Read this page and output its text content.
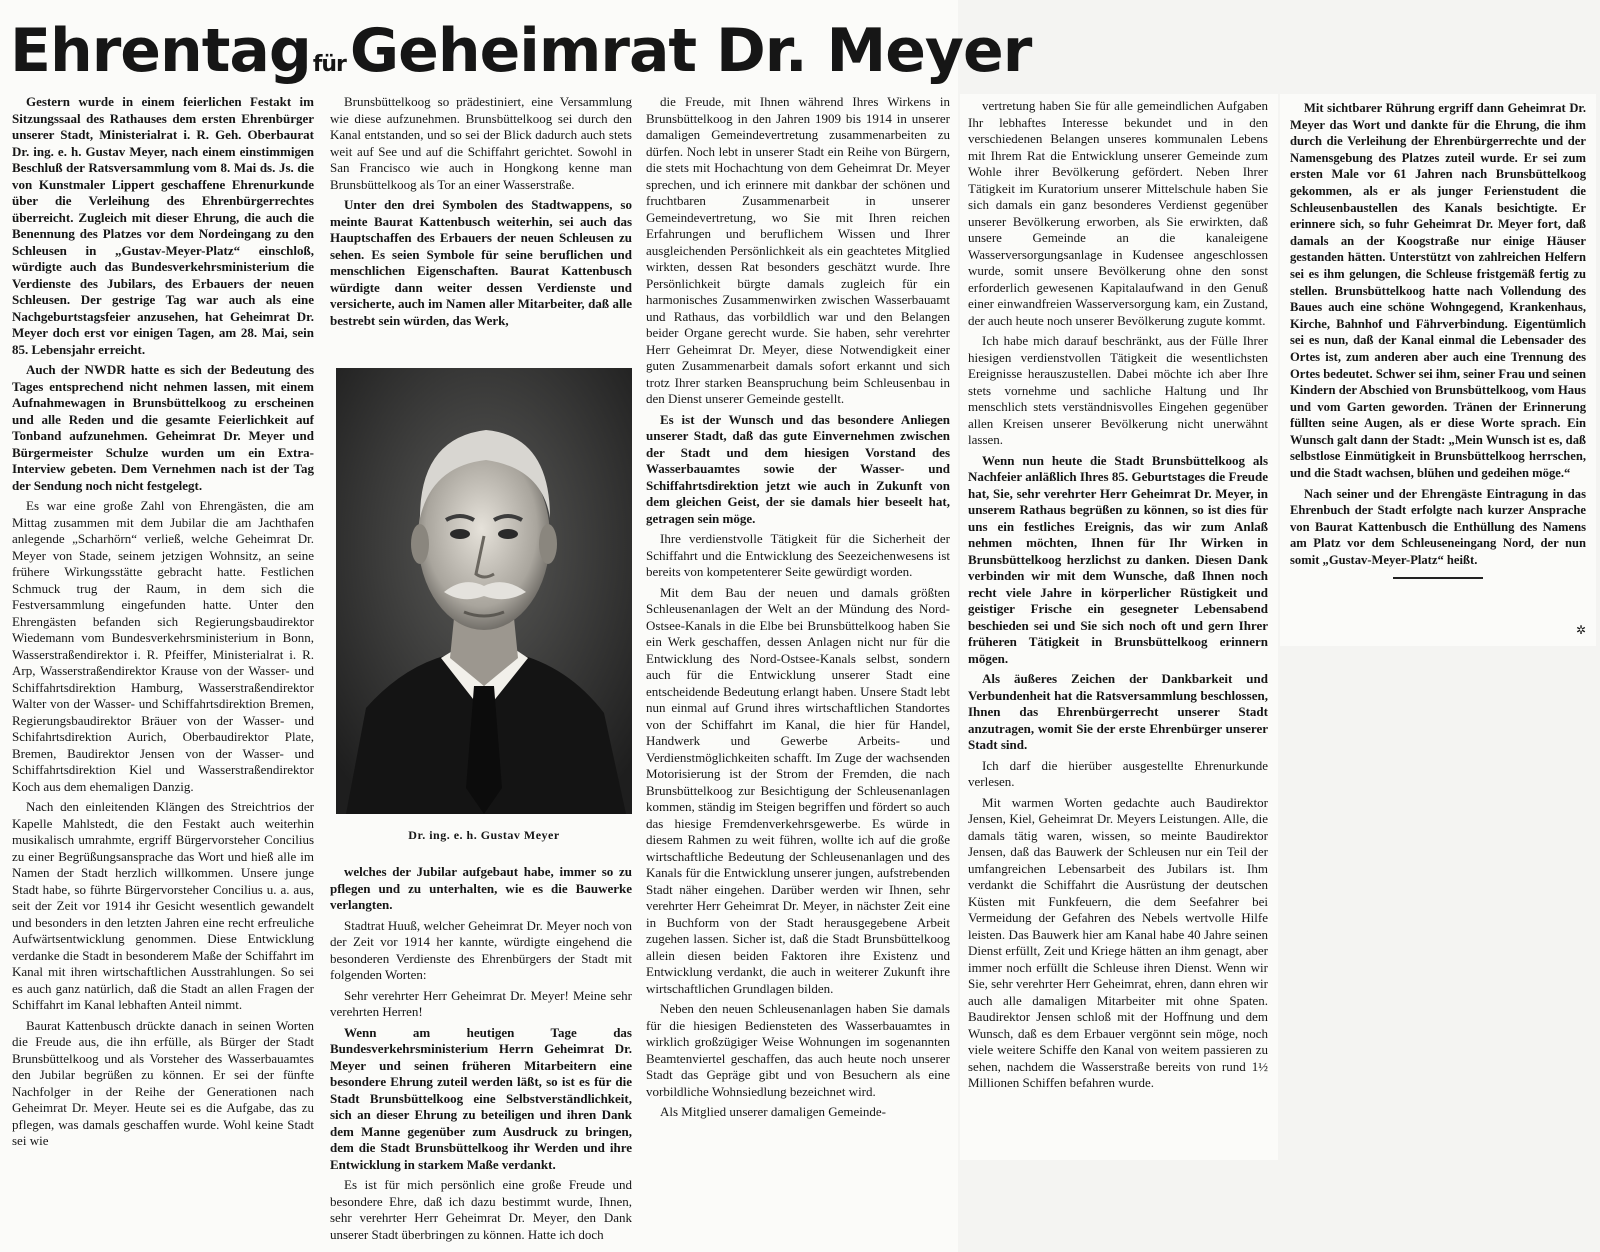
EhrentagfürGeheimrat Dr. Meyer

Gestern wurde in einem feierlichen Festakt im Sitzungssaal des Rathauses dem ersten Ehrenbürger unserer Stadt, Ministerialrat i. R. Geh. Oberbaurat Dr. ing. e. h. Gustav Meyer, nach einem einstimmigen Beschluß der Ratsversammlung vom 8. Mai ds. Js. die von Kunstmaler Lippert geschaffene Ehrenurkunde über die Verleihung des Ehrenbürgerrechtes überreicht. Zugleich mit dieser Ehrung, die auch die Benennung des Platzes vor dem Nordeingang zu den Schleusen in „Gustav-Meyer-Platz“ einschloß, würdigte auch das Bundesverkehrsministerium die Verdienste des Jubilars, des Erbauers der neuen Schleusen. Der gestrige Tag war auch als eine Nachgeburtstagsfeier anzusehen, hat Geheimrat Dr. Meyer doch erst vor einigen Tagen, am 28. Mai, sein 85. Lebensjahr erreicht.

Auch der NWDR hatte es sich der Bedeutung des Tages entsprechend nicht nehmen lassen, mit einem Aufnahmewagen in Brunsbüttelkoog zu erscheinen und alle Reden und die gesamte Feierlichkeit auf Tonband aufzunehmen. Geheimrat Dr. Meyer und Bürgermeister Schulze wurden um ein Extra-Interview gebeten. Dem Vernehmen nach ist der Tag der Sendung noch nicht festgelegt.

Es war eine große Zahl von Ehrengästen, die am Mittag zusammen mit dem Jubilar die am Jachthafen anlegende „Scharhörn“ verließ, welche Geheimrat Dr. Meyer von Stade, seinem jetzigen Wohnsitz, an seine frühere Wirkungsstätte gebracht hatte. Festlichen Schmuck trug der Raum, in dem sich die Festversammlung eingefunden hatte. Unter den Ehrengästen befanden sich Regierungsbaudirektor Wiedemann vom Bundesverkehrsministerium in Bonn, Wasserstraßendirektor i. R. Pfeiffer, Ministerialrat i. R. Arp, Wasserstraßendirektor Krause von der Wasser- und Schiffahrtsdirektion Hamburg, Wasserstraßendirektor Walter von der Wasser- und Schiffahrtsdirektion Bremen, Regierungsbaudirektor Bräuer von der Wasser- und Schifahrtsdirektion Aurich, Oberbaudirektor Plate, Bremen, Baudirektor Jensen von der Wasser- und Schiffahrtsdirektion Kiel und Wasserstraßendirektor Koch aus dem ehemaligen Danzig.

Nach den einleitenden Klängen des Streichtrios der Kapelle Mahlstedt, die den Festakt auch weiterhin musikalisch umrahmte, ergriff Bürgervorsteher Concilius zu einer Begrüßungsansprache das Wort und hieß alle im Namen der Stadt herzlich willkommen. Unsere junge Stadt habe, so führte Bürgervorsteher Concilius u. a. aus, seit der Zeit vor 1914 ihr Gesicht wesentlich gewandelt und besonders in den letzten Jahren eine recht erfreuliche Aufwärtsentwicklung genommen. Diese Entwicklung verdanke die Stadt in besonderem Maße der Schiffahrt im Kanal mit ihren wirtschaftlichen Ausstrahlungen. So sei es auch ganz natürlich, daß die Stadt an allen Fragen der Schiffahrt im Kanal lebhaften Anteil nimmt.

Baurat Kattenbusch drückte danach in seinen Worten die Freude aus, die ihn erfülle, als Bürger der Stadt Brunsbüttelkoog und als Vorsteher des Wasserbauamtes den Jubilar begrüßen zu können. Er sei der fünfte Nachfolger in der Reihe der Generationen nach Geheimrat Dr. Meyer. Heute sei es die Aufgabe, das zu pflegen, was damals geschaffen wurde. Wohl keine Stadt sei wie

Brunsbüttelkoog so prädestiniert, eine Versammlung wie diese aufzunehmen. Brunsbüttelkoog sei durch den Kanal entstanden, und so sei der Blick dadurch auch stets weit auf See und auf die Schiffahrt gerichtet. Sowohl in San Francisco wie auch in Hongkong kenne man Brunsbüttelkoog als Tor an einer Wasserstraße.

Unter den drei Symbolen des Stadtwappens, so meinte Baurat Kattenbusch weiterhin, sei auch das Hauptschaffen des Erbauers der neuen Schleusen zu sehen. Es seien Symbole für seine beruflichen und menschlichen Eigenschaften. Baurat Kattenbusch würdigte dann weiter dessen Verdienste und versicherte, auch im Namen aller Mitarbeiter, daß alle bestrebt sein würden, das Werk,

welches der Jubilar aufgebaut habe, immer so zu pflegen und zu unterhalten, wie es die Bauwerke verlangten.

Stadtrat Huuß, welcher Geheimrat Dr. Meyer noch von der Zeit vor 1914 her kannte, würdigte eingehend die besonderen Verdienste des Ehrenbürgers der Stadt mit folgenden Worten:

Sehr verehrter Herr Geheimrat Dr. Meyer! Meine sehr verehrten Herren!

Wenn am heutigen Tage das Bundesverkehrsministerium Herrn Geheimrat Dr. Meyer und seinen früheren Mitarbeitern eine besondere Ehrung zuteil werden läßt, so ist es für die Stadt Brunsbüttelkoog eine Selbstverständlichkeit, sich an dieser Ehrung zu beteiligen und ihren Dank dem Manne gegenüber zum Ausdruck zu bringen, dem die Stadt Brunsbüttelkoog ihr Werden und ihre Entwicklung in starkem Maße verdankt.

Es ist für mich persönlich eine große Freude und besondere Ehre, daß ich dazu bestimmt wurde, Ihnen, sehr verehrter Herr Geheimrat Dr. Meyer, den Dank unserer Stadt überbringen zu können. Hatte ich doch

Dr. ing. e. h. Gustav Meyer

die Freude, mit Ihnen während Ihres Wirkens in Brunsbüttelkoog in den Jahren 1909 bis 1914 in unserer damaligen Gemeindevertretung zusammenarbeiten zu dürfen. Noch lebt in unserer Stadt ein Reihe von Bürgern, die stets mit Hochachtung von dem Geheimrat Dr. Meyer sprechen, und ich erinnere mit dankbar der schönen und fruchtbaren Zusammenarbeit in unserer Gemeindevertretung, wo Sie mit Ihren reichen Erfahrungen und beruflichem Wissen und Ihrer ausgleichenden Persönlichkeit als ein geachtetes Mitglied wirkten, dessen Rat besonders geschätzt wurde. Ihre Persönlichkeit bürgte damals zugleich für ein harmonisches Zusammenwirken zwischen Wasserbauamt und Rathaus, das vorbildlich war und den Belangen beider Organe gerecht wurde. Sie haben, sehr verehrter Herr Geheimrat Dr. Meyer, diese Notwendigkeit einer guten Zusammenarbeit damals sofort erkannt und sich trotz Ihrer starken Beanspruchung beim Schleusenbau in den Dienst unserer Gemeinde gestellt.

Es ist der Wunsch und das besondere Anliegen unserer Stadt, daß das gute Einvernehmen zwischen der Stadt und dem hiesigen Vorstand des Wasserbauamtes sowie der Wasser- und Schiffahrtsdirektion jetzt wie auch in Zukunft von dem gleichen Geist, der sie damals hier beseelt hat, getragen sein möge.

Ihre verdienstvolle Tätigkeit für die Sicherheit der Schiffahrt und die Entwicklung des Seezeichenwesens ist bereits von kompetenterer Seite gewürdigt worden.

Mit dem Bau der neuen und damals größten Schleusenanlagen der Welt an der Mündung des Nord-Ostsee-Kanals in die Elbe bei Brunsbüttelkoog haben Sie ein Werk geschaffen, dessen Anlagen nicht nur für die Entwicklung des Nord-Ostsee-Kanals selbst, sondern auch für die Entwicklung unserer Stadt eine entscheidende Bedeutung erlangt haben. Unsere Stadt lebt nun einmal auf Grund ihres wirtschaftlichen Standortes von der Schiffahrt im Kanal, die hier für Handel, Handwerk und Gewerbe Arbeits- und Verdienstmöglichkeiten schafft. Im Zuge der wachsenden Motorisierung ist der Strom der Fremden, die nach Brunsbüttelkoog zur Besichtigung der Schleusenanlagen kommen, ständig im Steigen begriffen und fördert so auch das hiesige Fremdenverkehrsgewerbe. Es würde in diesem Rahmen zu weit führen, wollte ich auf die große wirtschaftliche Bedeutung der Schleusenanlagen und des Kanals für die Entwicklung unserer jungen, aufstrebenden Stadt näher eingehen. Darüber werden wir Ihnen, sehr verehrter Herr Geheimrat Dr. Meyer, in nächster Zeit eine in Buchform von der Stadt herausgegebene Arbeit zugehen lassen. Sicher ist, daß die Stadt Brunsbüttelkoog allein diesen beiden Faktoren ihre Existenz und Entwicklung verdankt, die auch in weiterer Zukunft ihre wirtschaftlichen Grundlagen bilden.

Neben den neuen Schleusenanlagen haben Sie damals für die hiesigen Bediensteten des Wasserbauamtes in wirklich großzügiger Weise Wohnungen im sogenannten Beamtenviertel geschaffen, das auch heute noch unserer Stadt das Gepräge gibt und von Besuchern als eine vorbildliche Wohnsiedlung bezeichnet wird.

Als Mitglied unserer damaligen Gemeinde-

vertretung haben Sie für alle gemeindlichen Aufgaben Ihr lebhaftes Interesse bekundet und in den verschiedenen Belangen unseres kommunalen Lebens mit Ihrem Rat die Entwicklung unserer Gemeinde zum Wohle ihrer Bevölkerung gefördert. Neben Ihrer Tätigkeit im Kuratorium unserer Mittelschule haben Sie sich damals ein ganz besonderes Verdienst gegenüber unserer Bevölkerung erworben, als Sie erwirkten, daß unsere Gemeinde an die kanaleigene Wasserversorgungsanlage in Kudensee angeschlossen wurde, somit unsere Bevölkerung ohne den sonst erforderlich gewesenen Kapitalaufwand in den Genuß einer einwandfreien Wasserversorgung kam, ein Zustand, der auch heute noch unserer Bevölkerung zugute kommt.

Ich habe mich darauf beschränkt, aus der Fülle Ihrer hiesigen verdienstvollen Tätigkeit die wesentlichsten Ereignisse herauszustellen. Dabei möchte ich aber Ihre stets vornehme und sachliche Haltung und Ihr menschlich stets verständnisvolles Eingehen gegenüber allen Kreisen unserer Bevölkerung nicht unerwähnt lassen.

Wenn nun heute die Stadt Brunsbüttelkoog als Nachfeier anläßlich Ihres 85. Geburtstages die Freude hat, Sie, sehr verehrter Herr Geheimrat Dr. Meyer, in unserem Rathaus begrüßen zu können, so ist dies für uns ein festliches Ereignis, das wir zum Anlaß nehmen möchten, Ihnen für Ihr Wirken in Brunsbüttelkoog herzlichst zu danken. Diesen Dank verbinden wir mit dem Wunsche, daß Ihnen noch recht viele Jahre in körperlicher Rüstigkeit und geistiger Frische ein gesegneter Lebensabend beschieden sei und Sie sich noch oft und gern Ihrer früheren Tätigkeit in Brunsbüttelkoog erinnern mögen.

Als äußeres Zeichen der Dankbarkeit und Verbundenheit hat die Ratsversammlung beschlossen, Ihnen das Ehrenbürgerrecht unserer Stadt anzutragen, womit Sie der erste Ehrenbürger unserer Stadt sind.

Ich darf die hierüber ausgestellte Ehrenurkunde verlesen.

Mit warmen Worten gedachte auch Baudirektor Jensen, Kiel, Geheimrat Dr. Meyers Leistungen. Alle, die damals tätig waren, wissen, so meinte Baudirektor Jensen, daß das Bauwerk der Schleusen nur ein Teil der umfangreichen Lebensarbeit des Jubilars ist. Ihm verdankt die Schiffahrt die Ausrüstung der deutschen Küsten mit Funkfeuern, die dem Seefahrer bei Vermeidung der Gefahren des Nebels wertvolle Hilfe leisten. Das Bauwerk hier am Kanal habe 40 Jahre seinen Dienst erfüllt, Zeit und Kriege hätten an ihm genagt, aber immer noch erfüllt die Schleuse ihren Dienst. Wenn wir Sie, sehr verehrter Herr Geheimrat, ehren, dann ehren wir auch alle damaligen Mitarbeiter mit ohne Spaten. Baudirektor Jensen schloß mit der Hoffnung und dem Wunsch, daß es dem Erbauer vergönnt sein möge, noch viele weitere Schiffe den Kanal von weitem passieren zu sehen, nachdem die Wasserstraße bereits von rund 1½ Millionen Schiffen befahren wurde.

Mit sichtbarer Rührung ergriff dann Geheimrat Dr. Meyer das Wort und dankte für die Ehrung, die ihm durch die Verleihung der Ehrenbürgerrechte und der Namensgebung des Platzes zuteil wurde. Er sei zum ersten Male vor 61 Jahren nach Brunsbüttelkoog gekommen, als er als junger Ferienstudent die Schleusenbaustellen des Kanals besichtigte. Er erinnere sich, so fuhr Geheimrat Dr. Meyer fort, daß damals an der Koogstraße nur einige Häuser gestanden hätten. Unterstützt von zahlreichen Helfern sei es ihm gelungen, die Schleuse fristgemäß fertig zu stellen. Brunsbüttelkoog hatte nach Vollendung des Baues auch eine schöne Wohngegend, Krankenhaus, Kirche, Bahnhof und Fährverbindung. Eigentümlich sei es nun, daß der Kanal einmal die Lebensader des Ortes ist, zum anderen aber auch eine Trennung des Ortes bedeutet. Schwer sei ihm, seiner Frau und seinen Kindern der Abschied von Brunsbüttelkoog, vom Haus und vom Garten geworden. Tränen der Erinnerung füllten seine Augen, als er diese Worte sprach. Ein Wunsch galt dann der Stadt: „Mein Wunsch ist es, daß selbstlose Einmütigkeit in Brunsbüttelkoog herrschen, und die Stadt wachsen, blühen und gedeihen möge.“

Nach seiner und der Ehrengäste Eintragung in das Ehrenbuch der Stadt erfolgte nach kurzer Ansprache von Baurat Kattenbusch die Enthüllung des Namens am Platz vor dem Schleuseneingang Nord, der nun somit „Gustav-Meyer-Platz“ heißt.

✲
